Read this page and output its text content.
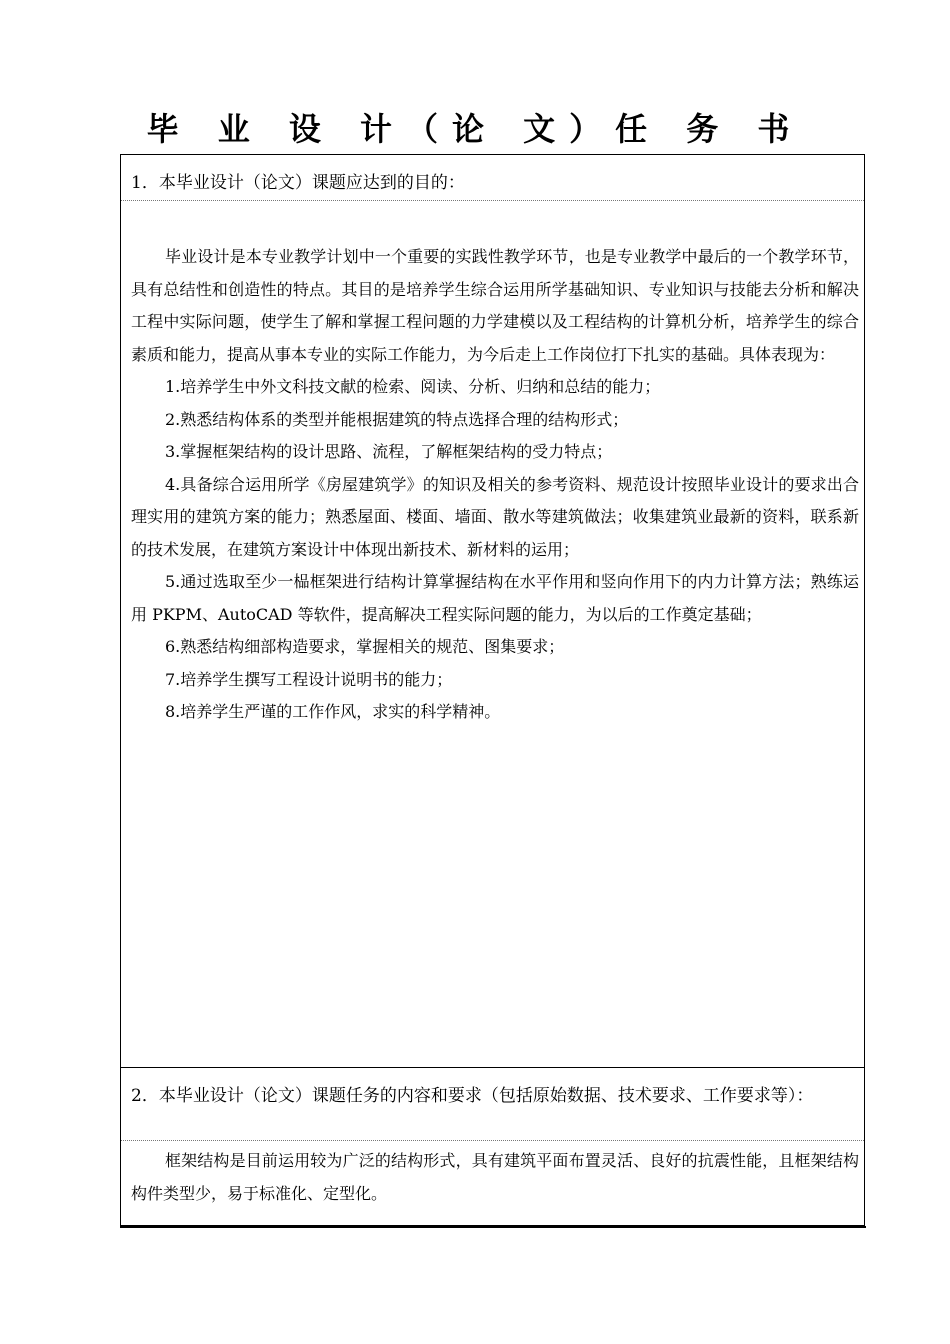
毕 业 设 计（论 文）任 务 书
1．本毕业设计（论文）课题应达到的目的：
毕业设计是本专业教学计划中一个重要的实践性教学环节，也是专业教学中最后的一个教学环节，具有总结性和创造性的特点。其目的是培养学生综合运用所学基础知识、专业知识与技能去分析和解决工程中实际问题，使学生了解和掌握工程问题的力学建模以及工程结构的计算机分析，培养学生的综合素质和能力，提高从事本专业的实际工作能力，为今后走上工作岗位打下扎实的基础。具体表现为：
1.培养学生中外文科技文献的检索、阅读、分析、归纳和总结的能力；
2.熟悉结构体系的类型并能根据建筑的特点选择合理的结构形式；
3.掌握框架结构的设计思路、流程，了解框架结构的受力特点；
4.具备综合运用所学《房屋建筑学》的知识及相关的参考资料、规范设计按照毕业设计的要求出合理实用的建筑方案的能力；熟悉屋面、楼面、墙面、散水等建筑做法；收集建筑业最新的资料，联系新的技术发展，在建筑方案设计中体现出新技术、新材料的运用；
5.通过选取至少一榀框架进行结构计算掌握结构在水平作用和竖向作用下的内力计算方法；熟练运用 PKPM、AutoCAD 等软件，提高解决工程实际问题的能力，为以后的工作奠定基础；
6.熟悉结构细部构造要求，掌握相关的规范、图集要求；
7.培养学生撰写工程设计说明书的能力；
8.培养学生严谨的工作作风，求实的科学精神。
2．本毕业设计（论文）课题任务的内容和要求（包括原始数据、技术要求、工作要求等）：
框架结构是目前运用较为广泛的结构形式，具有建筑平面布置灵活、良好的抗震性能，且框架结构构件类型少，易于标准化、定型化。
